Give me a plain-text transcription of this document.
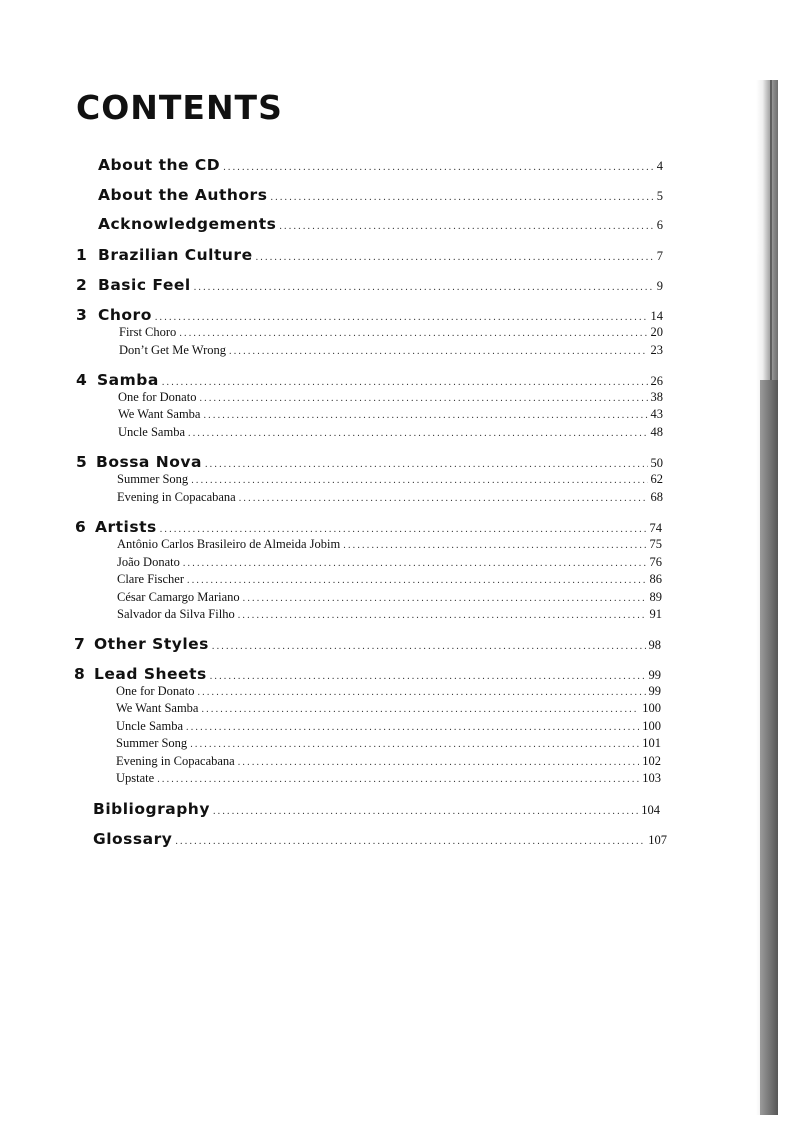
CONTENTS
About the CD .....	4
About the Authors .....	5
Acknowledgements .....	6
1 Brazilian Culture .....	7
2 Basic Feel .....	9
3 Choro .....	14
First Choro .....	20
Don’t Get Me Wrong .....	23
4 Samba .....	26
One for Donato .....	38
We Want Samba .....	43
Uncle Samba .....	48
5 Bossa Nova .....	50
Summer Song .....	62
Evening in Copacabana .....	68
6 Artists .....	74
Antônio Carlos Brasileiro de Almeida Jobim .....	75
João Donato .....	76
Clare Fischer .....	86
César Camargo Mariano .....	89
Salvador da Silva Filho .....	91
7 Other Styles .....	98
8 Lead Sheets .....	99
One for Donato .....	99
We Want Samba .....	100
Uncle Samba .....	100
Summer Song .....	101
Evening in Copacabana .....	102
Upstate .....	103
Bibliography .....	104
Glossary .....	107
